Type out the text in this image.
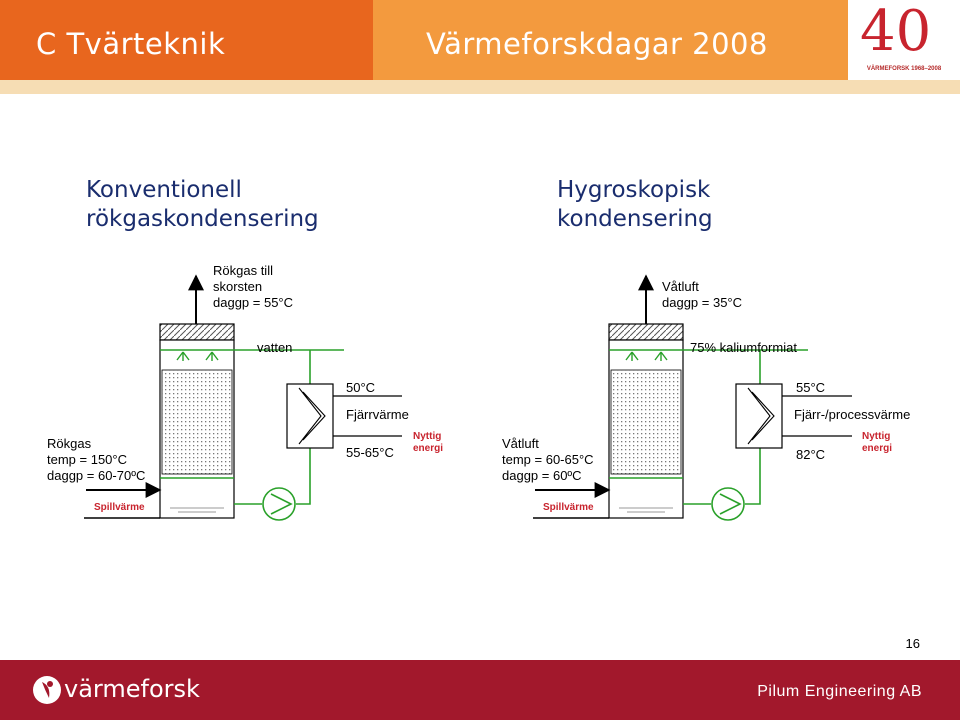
C Tvärteknik	Värmeforskdagar 2008 40
VÄRMEFORSK 1968–2008
Konventionell
rökgaskondensering
Hygroskopisk
kondensering
Rökgas till
skorsten
daggp = 55°C
vatten
50°C
Fjärrvärme
55-65°C
Nyttig
energi
Rökgas
temp = 150°C
daggp = 60-70ºC
Spillvärme
Våtluft
daggp = 35°C
75% kaliumformiat
55°C
Fjärr-/processvärme
82°C
Nyttig
energi
Våtluft
temp = 60-65°C
daggp = 60ºC
Spillvärme
16
värmeforsk	Pilum Engineering AB
